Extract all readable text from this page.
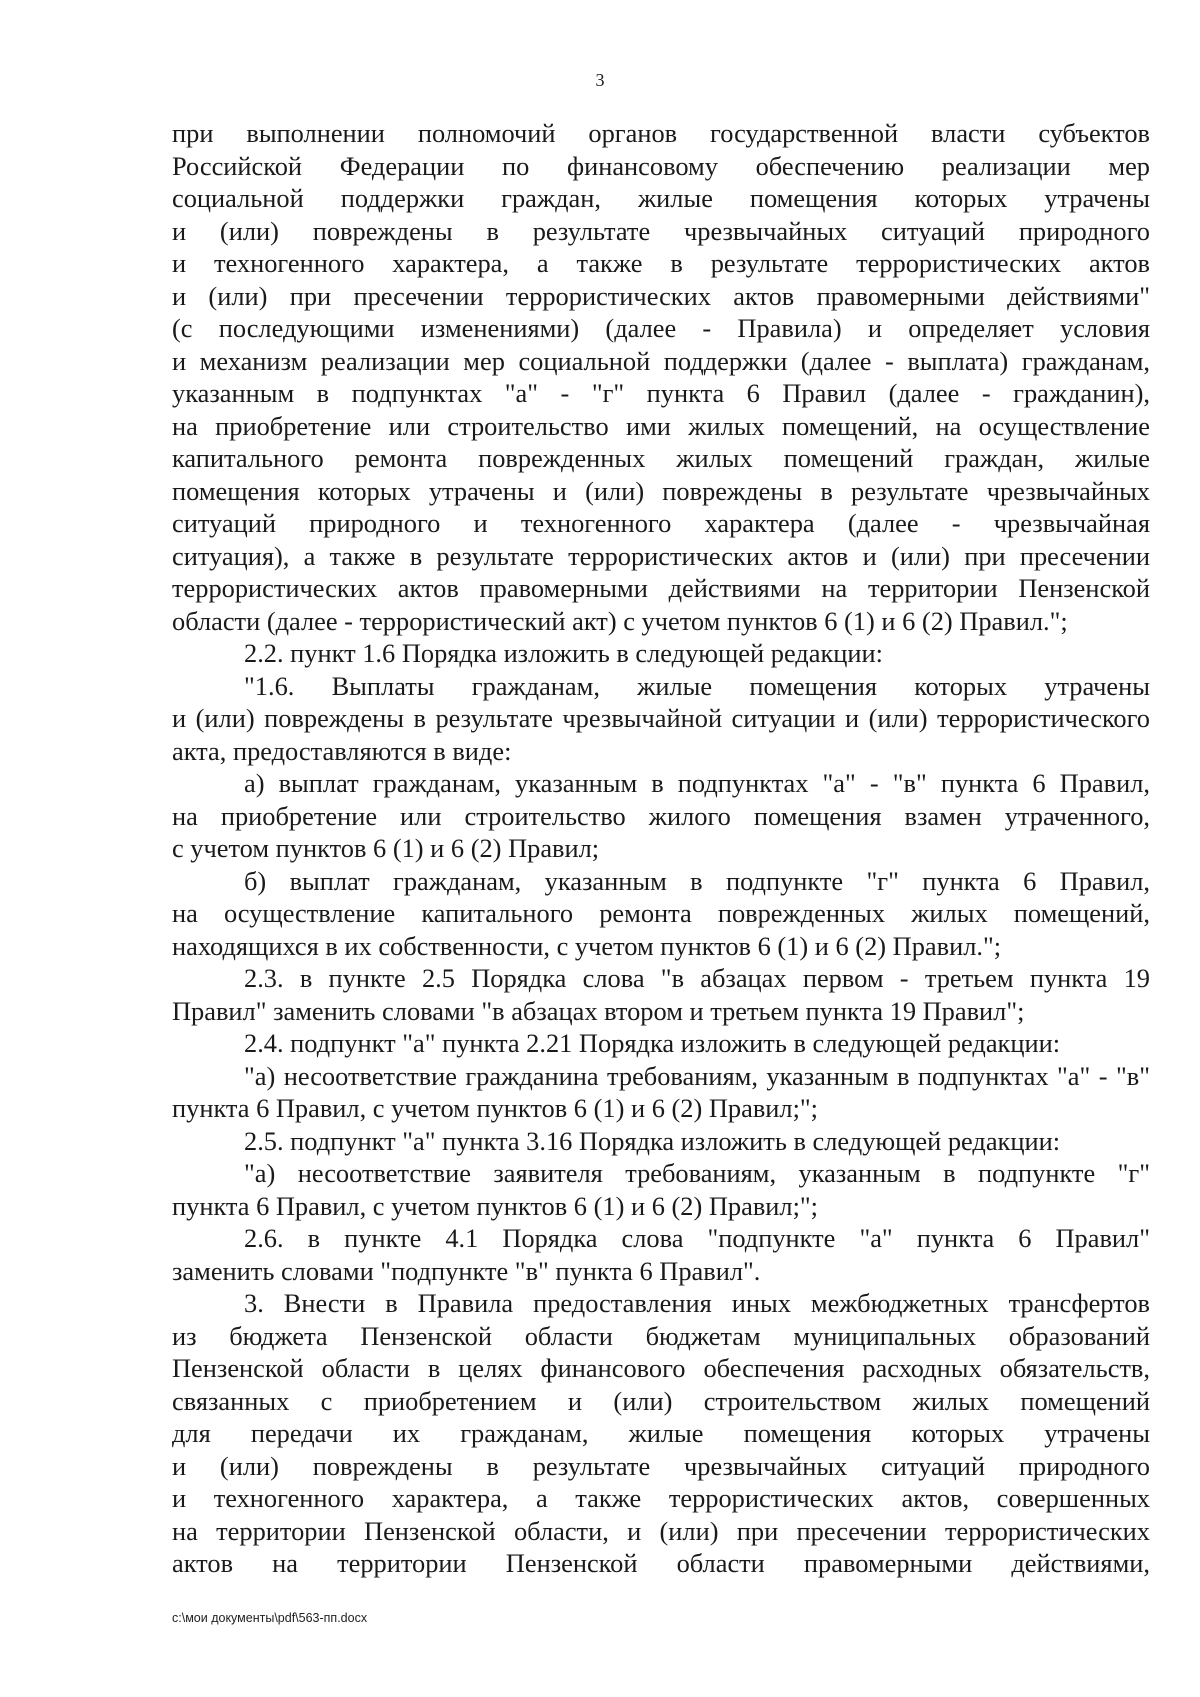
3
при выполнении полномочий органов государственной власти субъектов
Российской Федерации по финансовому обеспечению реализации мер
социальной поддержки граждан, жилые помещения которых утрачены
и (или) повреждены в результате чрезвычайных ситуаций природного
и техногенного характера, а также в результате террористических актов
и (или) при пресечении террористических актов правомерными действиями"
(с последующими изменениями) (далее - Правила) и определяет условия
и механизм реализации мер социальной поддержки (далее - выплата) гражданам,
указанным в подпунктах "а" - "г" пункта 6 Правил (далее - гражданин),
на приобретение или строительство ими жилых помещений, на осуществление
капитального ремонта поврежденных жилых помещений граждан, жилые
помещения которых утрачены и (или) повреждены в результате чрезвычайных
ситуаций природного и техногенного характера (далее - чрезвычайная
ситуация), а также в результате террористических актов и (или) при пресечении
террористических актов правомерными действиями на территории Пензенской
области (далее - террористический акт) с учетом пунктов 6 (1) и 6 (2) Правил.";
2.2. пункт 1.6 Порядка изложить в следующей редакции:
"1.6. Выплаты гражданам, жилые помещения которых утрачены
и (или) повреждены в результате чрезвычайной ситуации и (или) террористического
акта, предоставляются в виде:
а) выплат гражданам, указанным в подпунктах "а" - "в" пункта 6 Правил,
на приобретение или строительство жилого помещения взамен утраченного,
с учетом пунктов 6 (1) и 6 (2) Правил;
б) выплат гражданам, указанным в подпункте "г" пункта 6 Правил,
на осуществление капитального ремонта поврежденных жилых помещений,
находящихся в их собственности, с учетом пунктов 6 (1) и 6 (2) Правил.";
2.3. в пункте 2.5 Порядка слова "в абзацах первом - третьем пункта 19
Правил" заменить словами "в абзацах втором и третьем пункта 19 Правил";
2.4. подпункт "а" пункта 2.21 Порядка изложить в следующей редакции:
"а) несоответствие гражданина требованиям, указанным в подпунктах "а" - "в"
пункта 6 Правил, с учетом пунктов 6 (1) и 6 (2) Правил;";
2.5. подпункт "а" пункта 3.16 Порядка изложить в следующей редакции:
"а) несоответствие заявителя требованиям, указанным в подпункте "г"
пункта 6 Правил, с учетом пунктов 6 (1) и 6 (2) Правил;";
2.6. в пункте 4.1 Порядка слова "подпункте "а" пункта 6 Правил"
заменить словами "подпункте "в" пункта 6 Правил".
3. Внести в Правила предоставления иных межбюджетных трансфертов
из бюджета Пензенской области бюджетам муниципальных образований
Пензенской области в целях финансового обеспечения расходных обязательств,
связанных с приобретением и (или) строительством жилых помещений
для передачи их гражданам, жилые помещения которых утрачены
и (или) повреждены в результате чрезвычайных ситуаций природного
и техногенного характера, а также террористических актов, совершенных
на территории Пензенской области, и (или) при пресечении террористических
актов на территории Пензенской области правомерными действиями,
c:\мои документы\pdf\563-пп.docx
